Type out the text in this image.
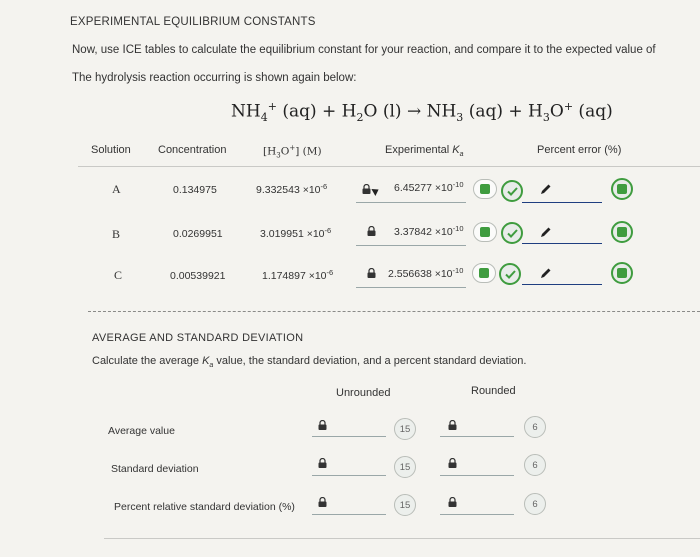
EXPERIMENTAL EQUILIBRIUM CONSTANTS
Now, use ICE tables to calculate the equilibrium constant for your reaction, and compare it to the expected value of
The hydrolysis reaction occurring is shown again below:
$NH_4^+$ $(aq) + H_2O$ $(l) \to NH_3$ $(aq) + H_3O^+$ (aq)
Solution Concentration	$[H_3O^+]$ (M)	Experimental $K_a$	Percent error (%)
A	0.134975	$9.332543 \times 10^{-6}$	$6.45277 \times 10^{-10}$
B	0.0269951	$3.019951 \times 10^{-6}$	$3.37842 \times 10^{-10}$
C	0.00539921	$1.174897 \times 10^{-6}$	$2.556638 \times 10^{-10}$
AVERAGE AND STANDARD DEVIATION
Calculate the average $K_a$ value, the standard deviation, and a percent standard deviation.
Unrounded	Rounded
Average value	15	6
Standard deviation	15	6
Percent relative standard deviation (%)	15	6
